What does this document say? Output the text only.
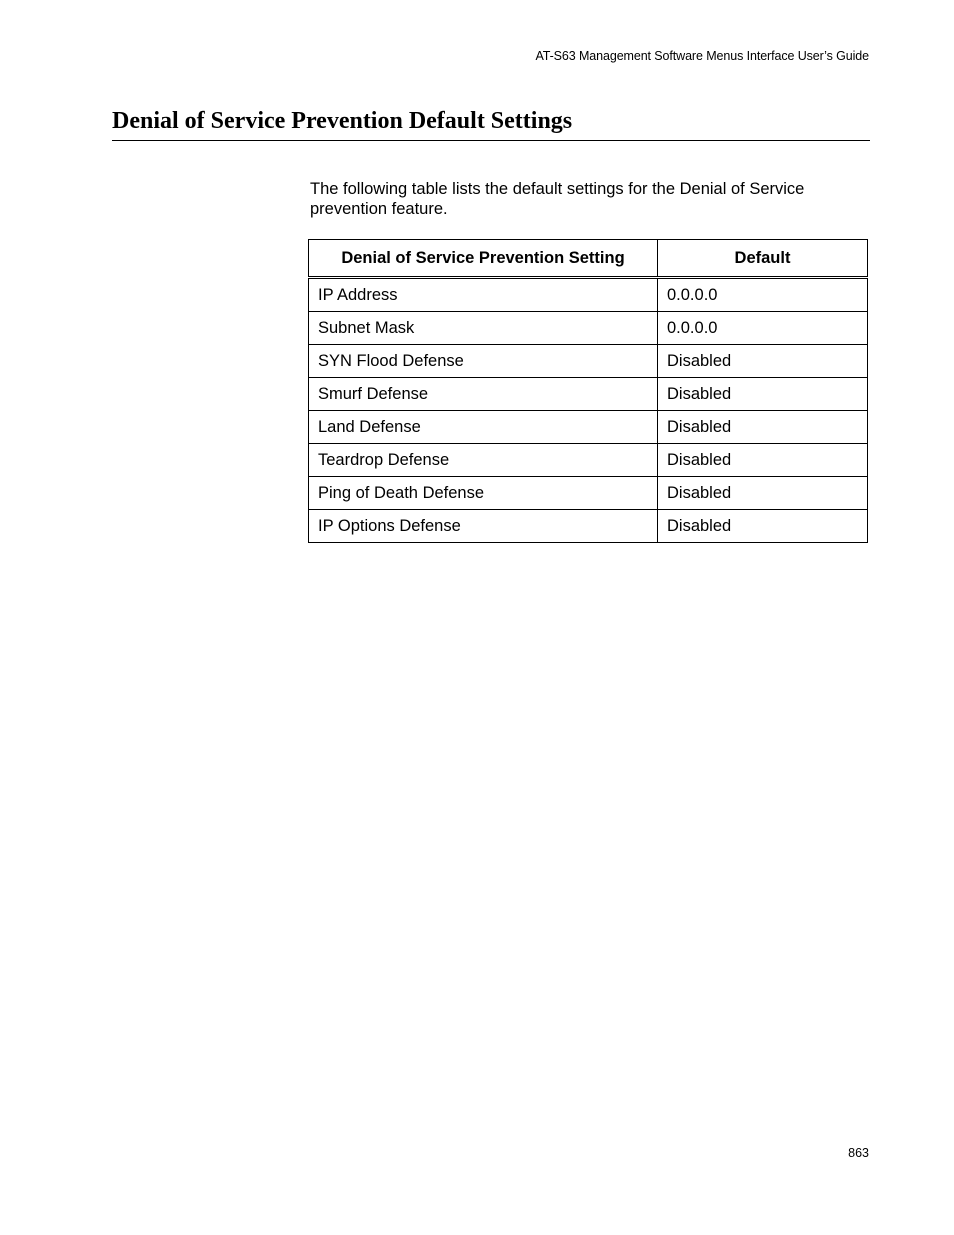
AT-S63 Management Software Menus Interface User’s Guide
Denial of Service Prevention Default Settings

The following table lists the default settings for the Denial of Service prevention feature.

Denial of Service Prevention Setting	Default
IP Address	0.0.0.0
Subnet Mask	0.0.0.0
SYN Flood Defense	Disabled
Smurf Defense	Disabled
Land Defense	Disabled
Teardrop Defense	Disabled
Ping of Death Defense	Disabled
IP Options Defense	Disabled
863
